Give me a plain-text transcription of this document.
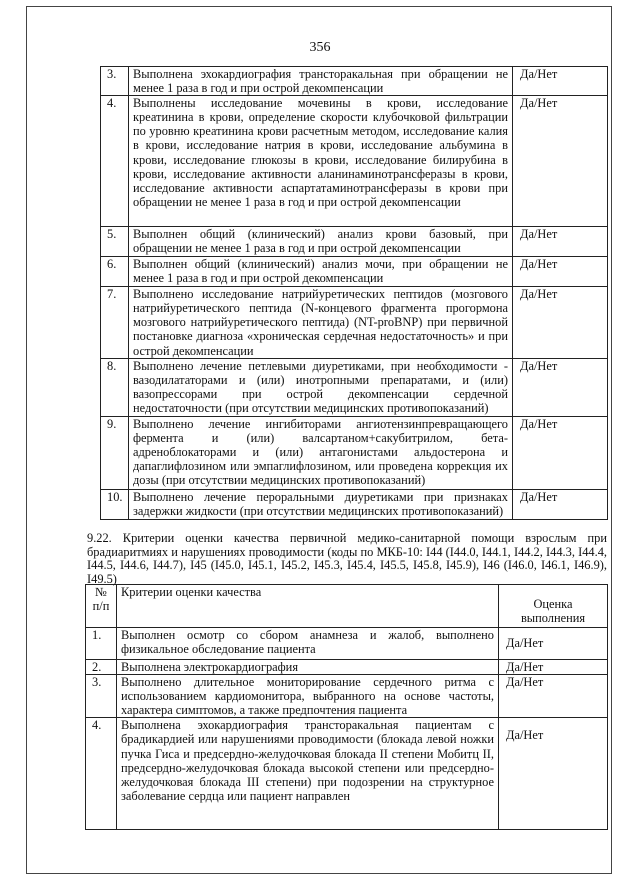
356
3.	Выполнена эхокардиография трансторакальная при обращении не менее 1 раза в год и при острой декомпенсации	Да/Нет
4.	Выполнены исследование мочевины в крови, исследование креатинина в крови, определение скорости клубочковой фильтрации по уровню креатинина крови расчетным методом, исследование калия в крови, исследование натрия в крови, исследование альбумина в крови, исследование глюкозы в крови, исследование билирубина в крови, исследование активности аланинаминотрансферазы в крови, исследование активности аспартатаминотрансферазы в крови при обращении не менее 1 раза в год и при острой декомпенсации	Да/Нет
5.	Выполнен общий (клинический) анализ крови базовый, при обращении не менее 1 раза в год и при острой декомпенсации	Да/Нет
6.	Выполнен общий (клинический) анализ мочи, при обращении не менее 1 раза в год и при острой декомпенсации	Да/Нет
7.	Выполнено исследование натрийуретических пептидов (мозгового натрийуретического пептида (N-концевого фрагмента прогормона мозгового натрийуретического пептида) (NT-proBNP) при первичной постановке диагноза «хроническая сердечная недостаточность» и при острой декомпенсации	Да/Нет
8.	Выполнено лечение петлевыми диуретиками, при необходимости - вазодилататорами и (или) инотропными препаратами, и (или) вазопрессорами при острой декомпенсации сердечной недостаточности (при отсутствии медицинских противопоказаний)	Да/Нет
9.	Выполнено лечение ингибиторами ангиотензинпревращающего фермента и (или) валсартаном+сакубитрилом, бета-адреноблокаторами и (или) антагонистами альдостерона и дапаглифлозином или эмпаглифлозином, или проведена коррекция их дозы (при отсутствии медицинских противопоказаний)	Да/Нет
10.	Выполнено лечение пероральными диуретиками при признаках задержки жидкости (при отсутствии медицинских противопоказаний)	Да/Нет
9.22. Критерии оценки качества первичной медико-санитарной помощи взрослым при брадиаритмиях и нарушениях проводимости (коды по МКБ-10: I44 (I44.0, I44.1, I44.2, I44.3, I44.4, I44.5, I44.6, I44.7), I45 (I45.0, I45.1, I45.2, I45.3, I45.4, I45.5, I45.8, I45.9), I46 (I46.0, I46.1, I46.9), I49.5)
№ п/п	Критерии оценки качества	Оценка выполнения
1.	Выполнен осмотр со сбором анамнеза и жалоб, выполнено физикальное обследование пациента	Да/Нет
2.	Выполнена электрокардиография	Да/Нет
3.	Выполнено длительное мониторирование сердечного ритма с использованием кардиомонитора, выбранного на основе частоты, характера симптомов, а также предпочтения пациента	Да/Нет
4.	Выполнена эхокардиография трансторакальная пациентам с брадикардией или нарушениями проводимости (блокада левой ножки пучка Гиса и предсердно-желудочковая блокада II степени Мобитц II, предсердно-желудочковая блокада высокой степени или предсердно-желудочковая блокада III степени) при подозрении на структурное заболевание сердца или пациент направлен	Да/Нет
